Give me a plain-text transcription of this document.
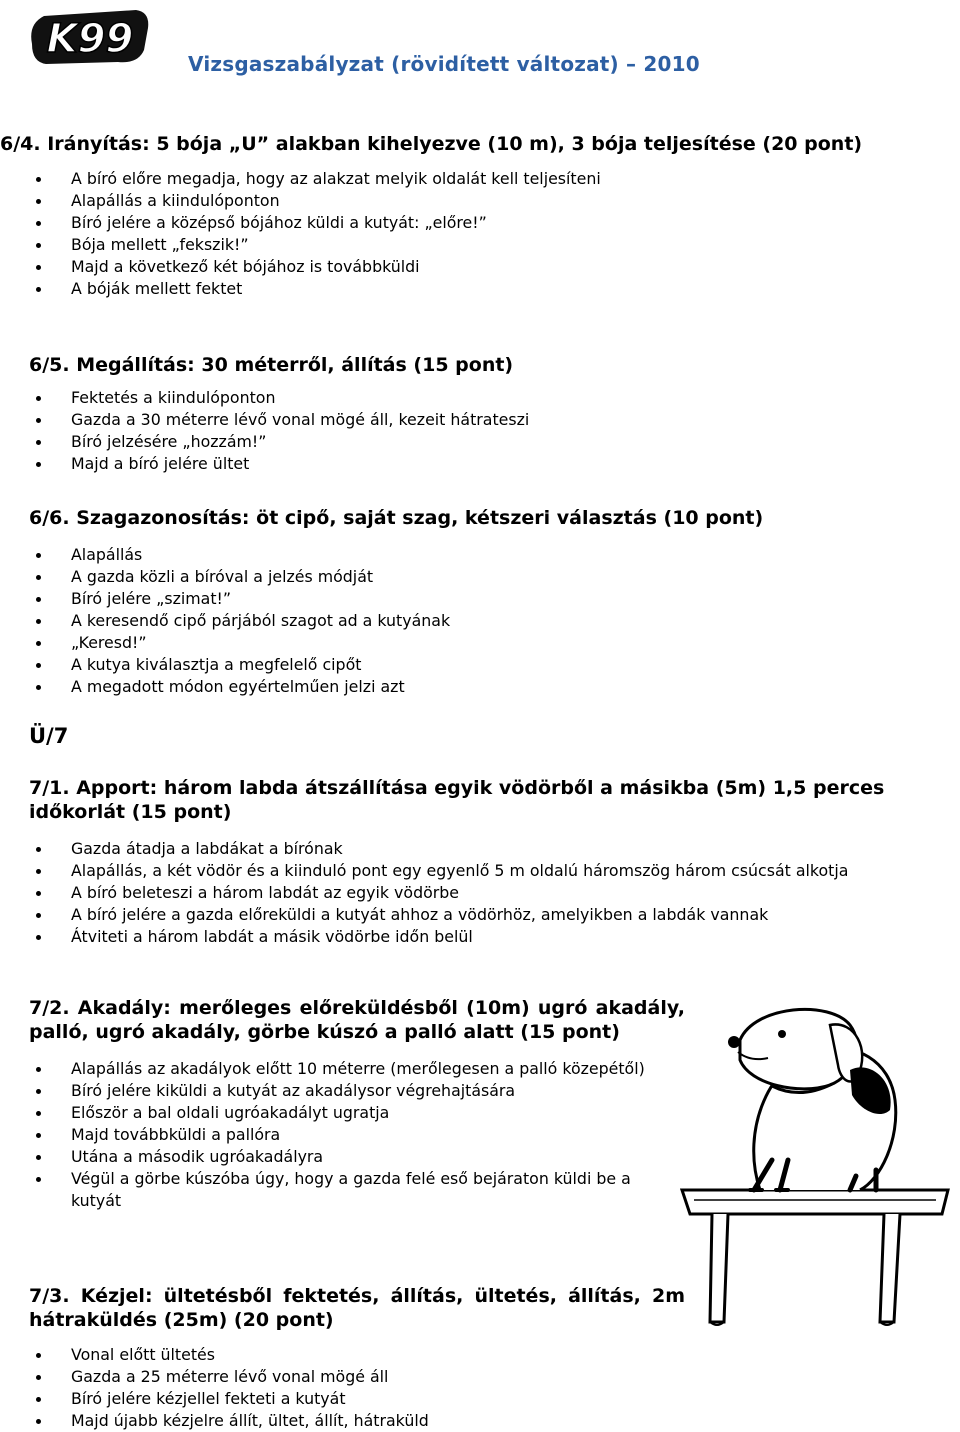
K99
Vizsgaszabályzat (rövidített változat) – 2010
6/4. Irányítás: 5 bója „U” alakban kihelyezve (10 m), 3 bója teljesítése (20 pont)
A bíró előre megadja, hogy az alakzat melyik oldalát kell teljesíteni
Alapállás a kiindulóponton
Bíró jelére a középső bójához küldi a kutyát: „előre!”
Bója mellett „fekszik!”
Majd a következő két bójához is továbbküldi
A bóják mellett fektet
6/5. Megállítás: 30 méterről, állítás (15 pont)
Fektetés a kiindulóponton
Gazda a 30 méterre lévő vonal mögé áll, kezeit hátrateszi
Bíró jelzésére „hozzám!”
Majd a bíró jelére ültet
6/6. Szagazonosítás: öt cipő, saját szag, kétszeri választás (10 pont)
Alapállás
A gazda közli a bíróval a jelzés módját
Bíró jelére „szimat!”
A keresendő cipő párjából szagot ad a kutyának
„Keresd!”
A kutya kiválasztja a megfelelő cipőt
A megadott módon egyértelműen jelzi azt
Ü/7
7/1. Apport: három labda átszállítása egyik vödörből a másikba (5m) 1,5 perces időkorlát (15 pont)
Gazda átadja a labdákat a bírónak
Alapállás, a két vödör és a kiinduló pont egy egyenlő 5 m oldalú háromszög három csúcsát alkotja
A bíró beleteszi a három labdát az egyik vödörbe
A bíró jelére a gazda előreküldi a kutyát ahhoz a vödörhöz, amelyikben a labdák vannak
Átviteti a három labdát a másik vödörbe időn belül
7/2. Akadály: merőleges előreküldésből (10m) ugró akadály, palló, ugró akadály, görbe kúszó a palló alatt (15 pont)
Alapállás az akadályok előtt 10 méterre (merőlegesen a palló közepétől)
Bíró jelére kiküldi a kutyát az akadálysor végrehajtására
Először a bal oldali ugróakadályt ugratja
Majd továbbküldi a pallóra
Utána a második ugróakadályra
Végül a görbe kúszóba úgy, hogy a gazda felé eső bejáraton küldi be a kutyát
7/3. Kézjel: ültetésből fektetés, állítás, ültetés, állítás, 2m hátraküldés (25m) (20 pont)
Vonal előtt ültetés
Gazda a 25 méterre lévő vonal mögé áll
Bíró jelére kézjellel fekteti a kutyát
Majd újabb kézjelre állít, ültet, állít, hátraküld
